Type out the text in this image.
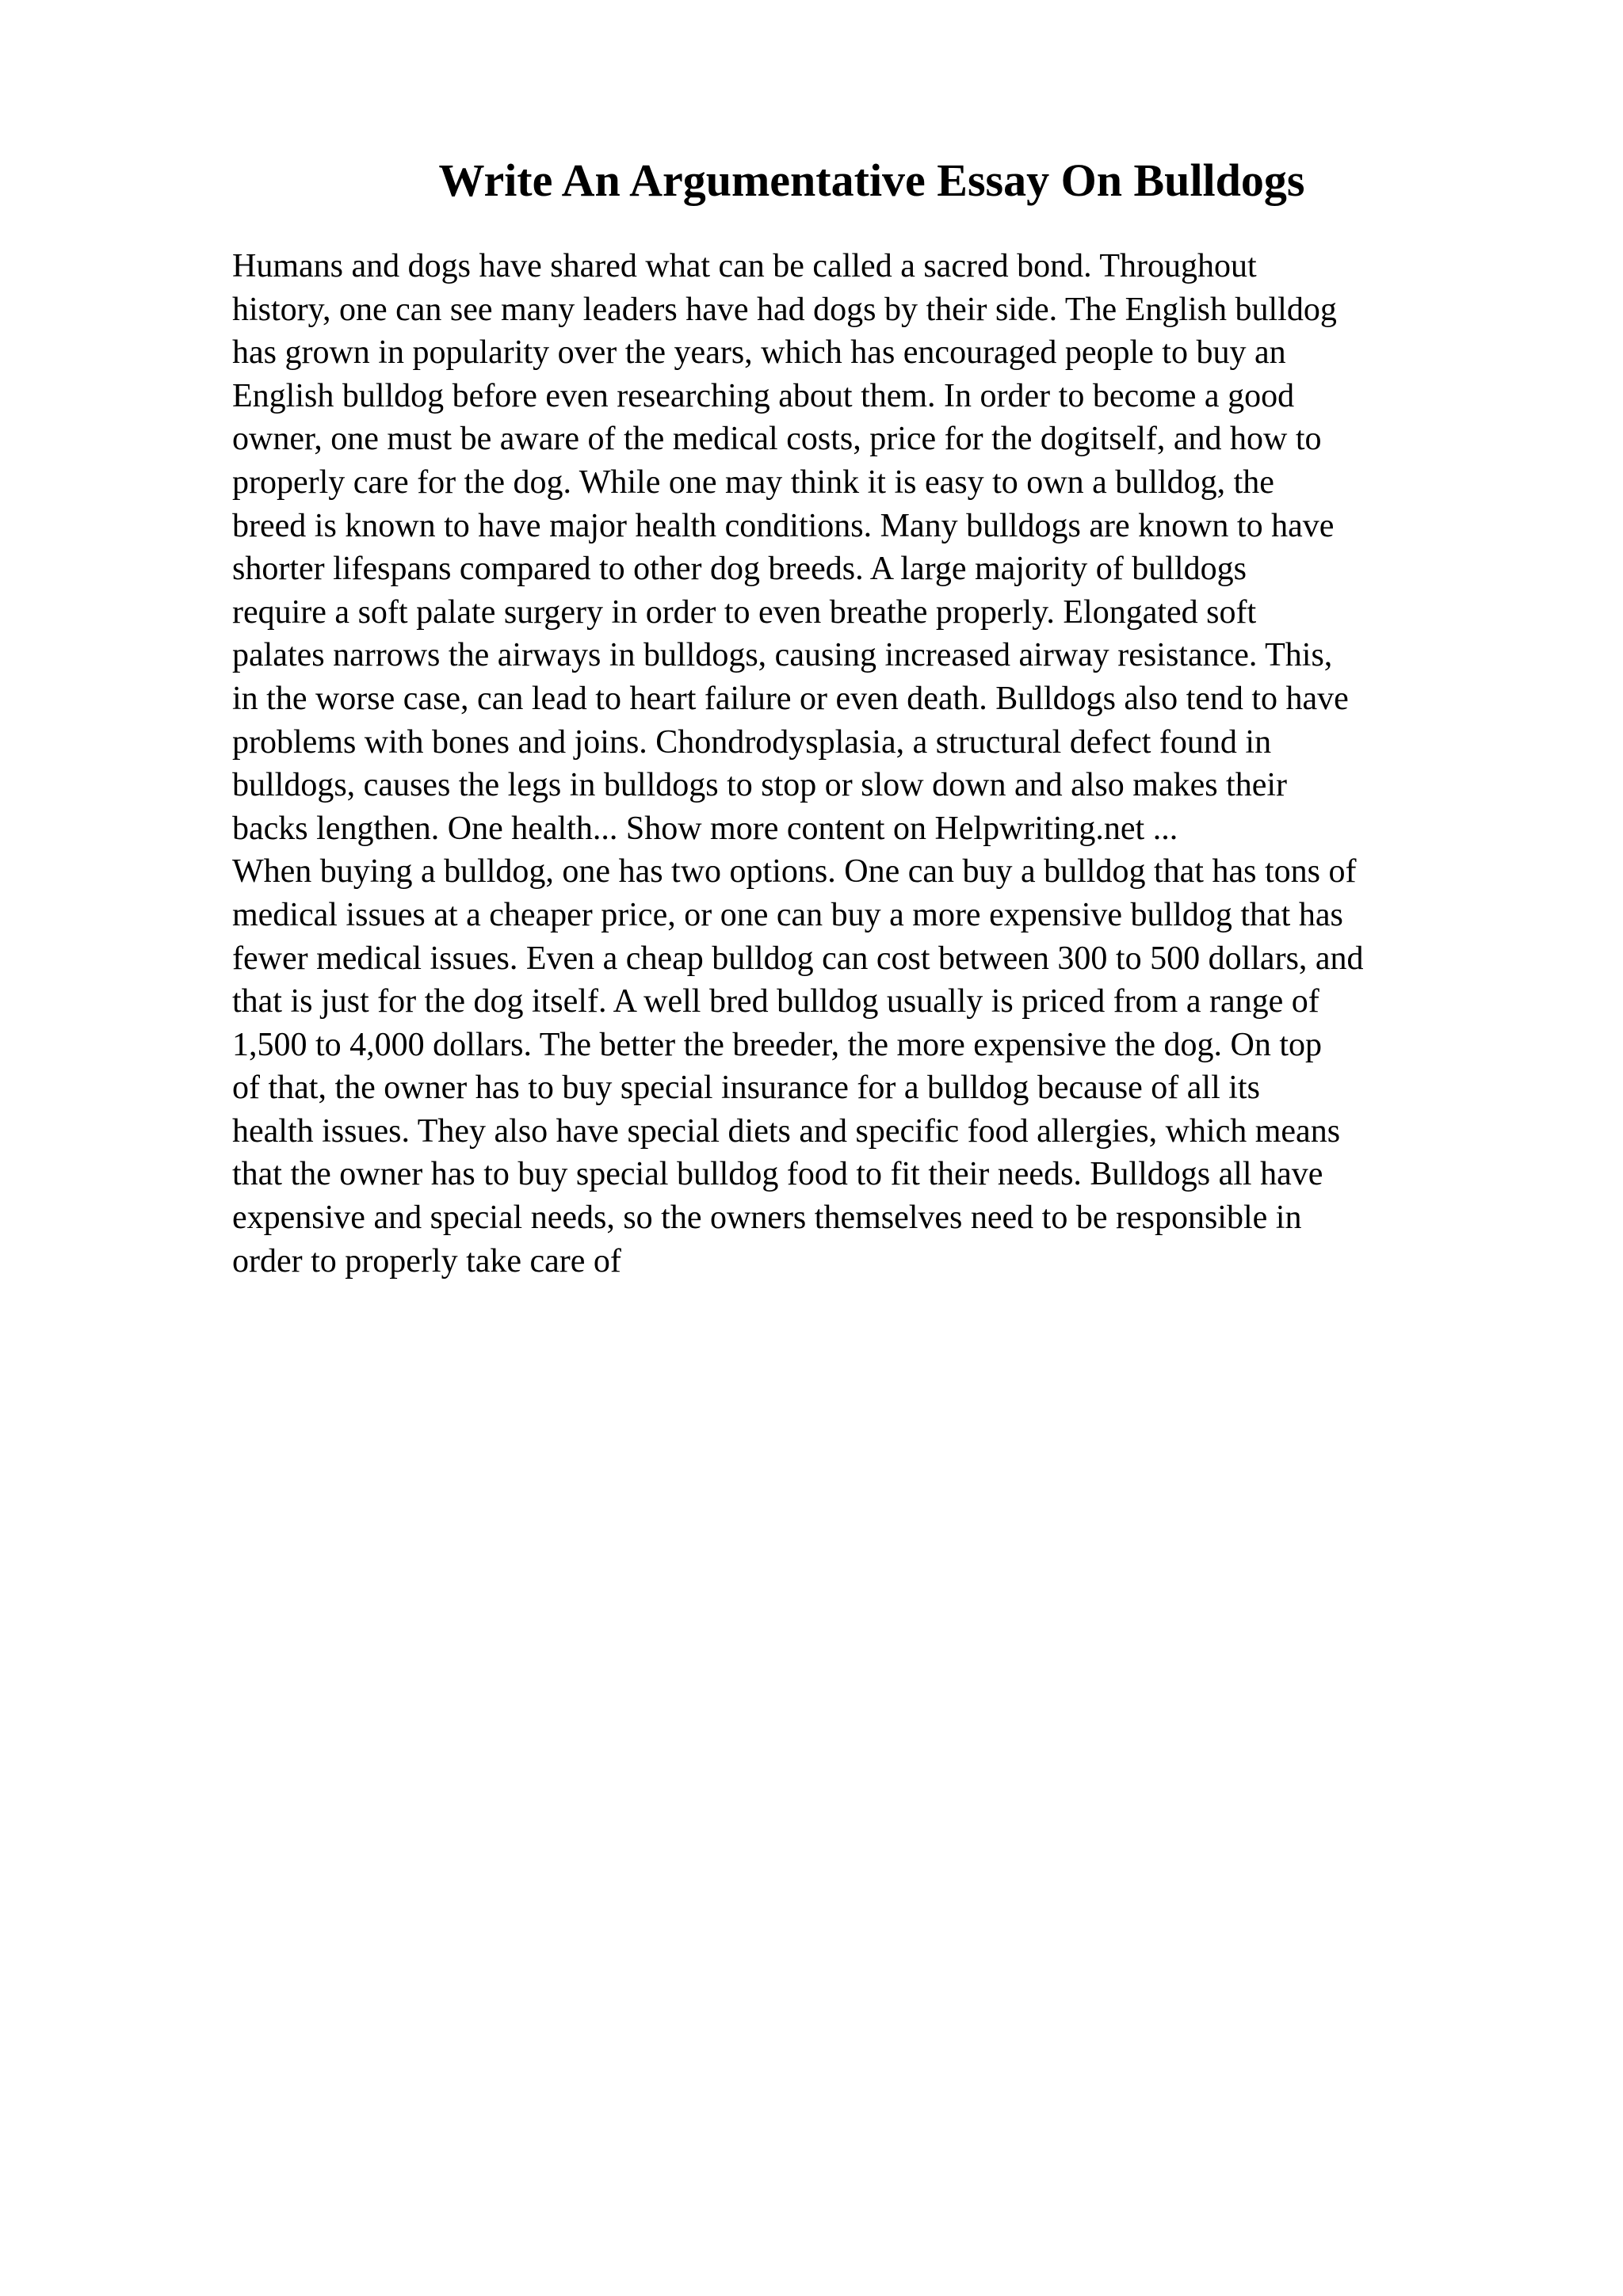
Write An Argumentative Essay On Bulldogs
Humans and dogs have shared what can be called a sacred bond. Throughout
history, one can see many leaders have had dogs by their side. The English bulldog
has grown in popularity over the years, which has encouraged people to buy an
English bulldog before even researching about them. In order to become a good
owner, one must be aware of the medical costs, price for the dogitself, and how to
properly care for the dog. While one may think it is easy to own a bulldog, the
breed is known to have major health conditions. Many bulldogs are known to have
shorter lifespans compared to other dog breeds. A large majority of bulldogs
require a soft palate surgery in order to even breathe properly. Elongated soft
palates narrows the airways in bulldogs, causing increased airway resistance. This,
in the worse case, can lead to heart failure or even death. Bulldogs also tend to have
problems with bones and joins. Chondrodysplasia, a structural defect found in
bulldogs, causes the legs in bulldogs to stop or slow down and also makes their
backs lengthen. One health... Show more content on Helpwriting.net ...
When buying a bulldog, one has two options. One can buy a bulldog that has tons of
medical issues at a cheaper price, or one can buy a more expensive bulldog that has
fewer medical issues. Even a cheap bulldog can cost between 300 to 500 dollars, and
that is just for the dog itself. A well bred bulldog usually is priced from a range of
1,500 to 4,000 dollars. The better the breeder, the more expensive the dog. On top
of that, the owner has to buy special insurance for a bulldog because of all its
health issues. They also have special diets and specific food allergies, which means
that the owner has to buy special bulldog food to fit their needs. Bulldogs all have
expensive and special needs, so the owners themselves need to be responsible in
order to properly take care of
